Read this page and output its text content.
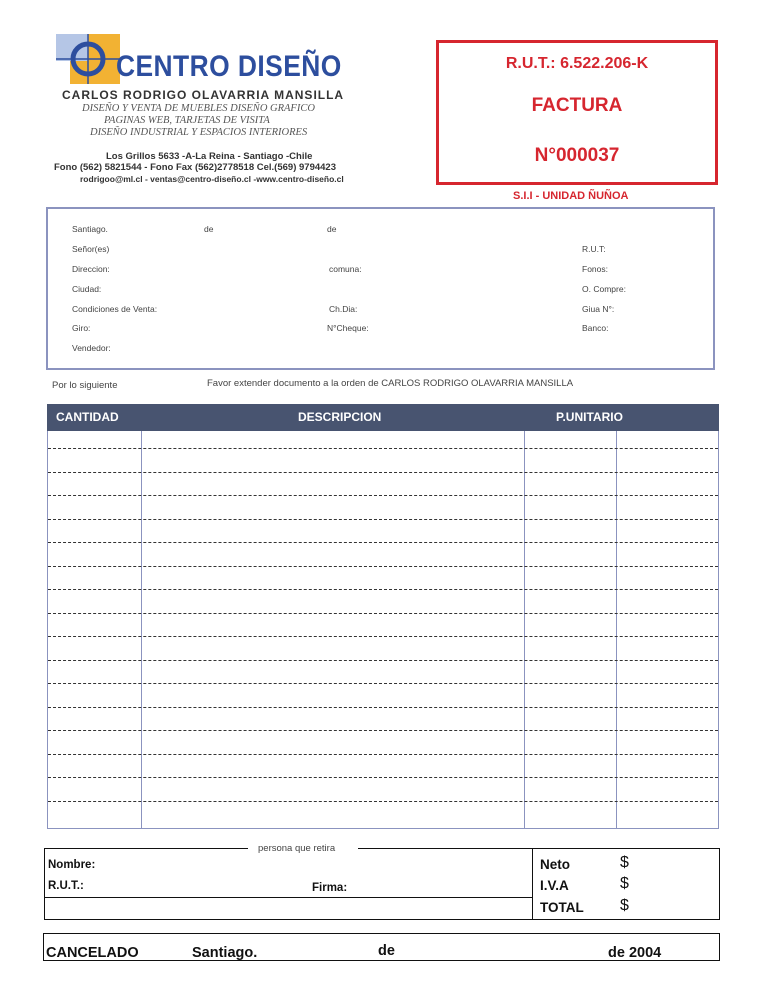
CENTRO DISEÑO
CARLOS RODRIGO OLAVARRIA MANSILLA
DISEÑO Y VENTA DE MUEBLES DISEÑO GRAFICO
PAGINAS WEB, TARJETAS DE VISITA
DISEÑO INDUSTRIAL Y ESPACIOS INTERIORES
Los Grillos 5633 -A-La Reina - Santiago -Chile
Fono (562) 5821544 - Fono Fax (562)2778518 Cel.(569) 9794423
rodrigoo@ml.cl - ventas@centro-diseño.cl -www.centro-diseño.cl
R.U.T.: 6.522.206-K
FACTURA
N°000037
S.I.I - UNIDAD ÑUÑOA
Santiago.	de	de
Señor(es)	R.U.T:
Direccion:	comuna:	Fonos:
Ciudad:	O. Compre:
Condiciones de Venta:	Ch.Dia:	Giua N°:
Giro:	N°Cheque:	Banco:
Vendedor:
Por lo siguiente	Favor extender documento a la orden de CARLOS RODRIGO OLAVARRIA MANSILLA
CANTIDAD	DESCRIPCION	P.UNITARIO
persona que retira
Nombre:
R.U.T.:	Firma:
Neto
I.V.A
TOTAL
$
$
$
CANCELADO	Santiago.	de	de 2004
